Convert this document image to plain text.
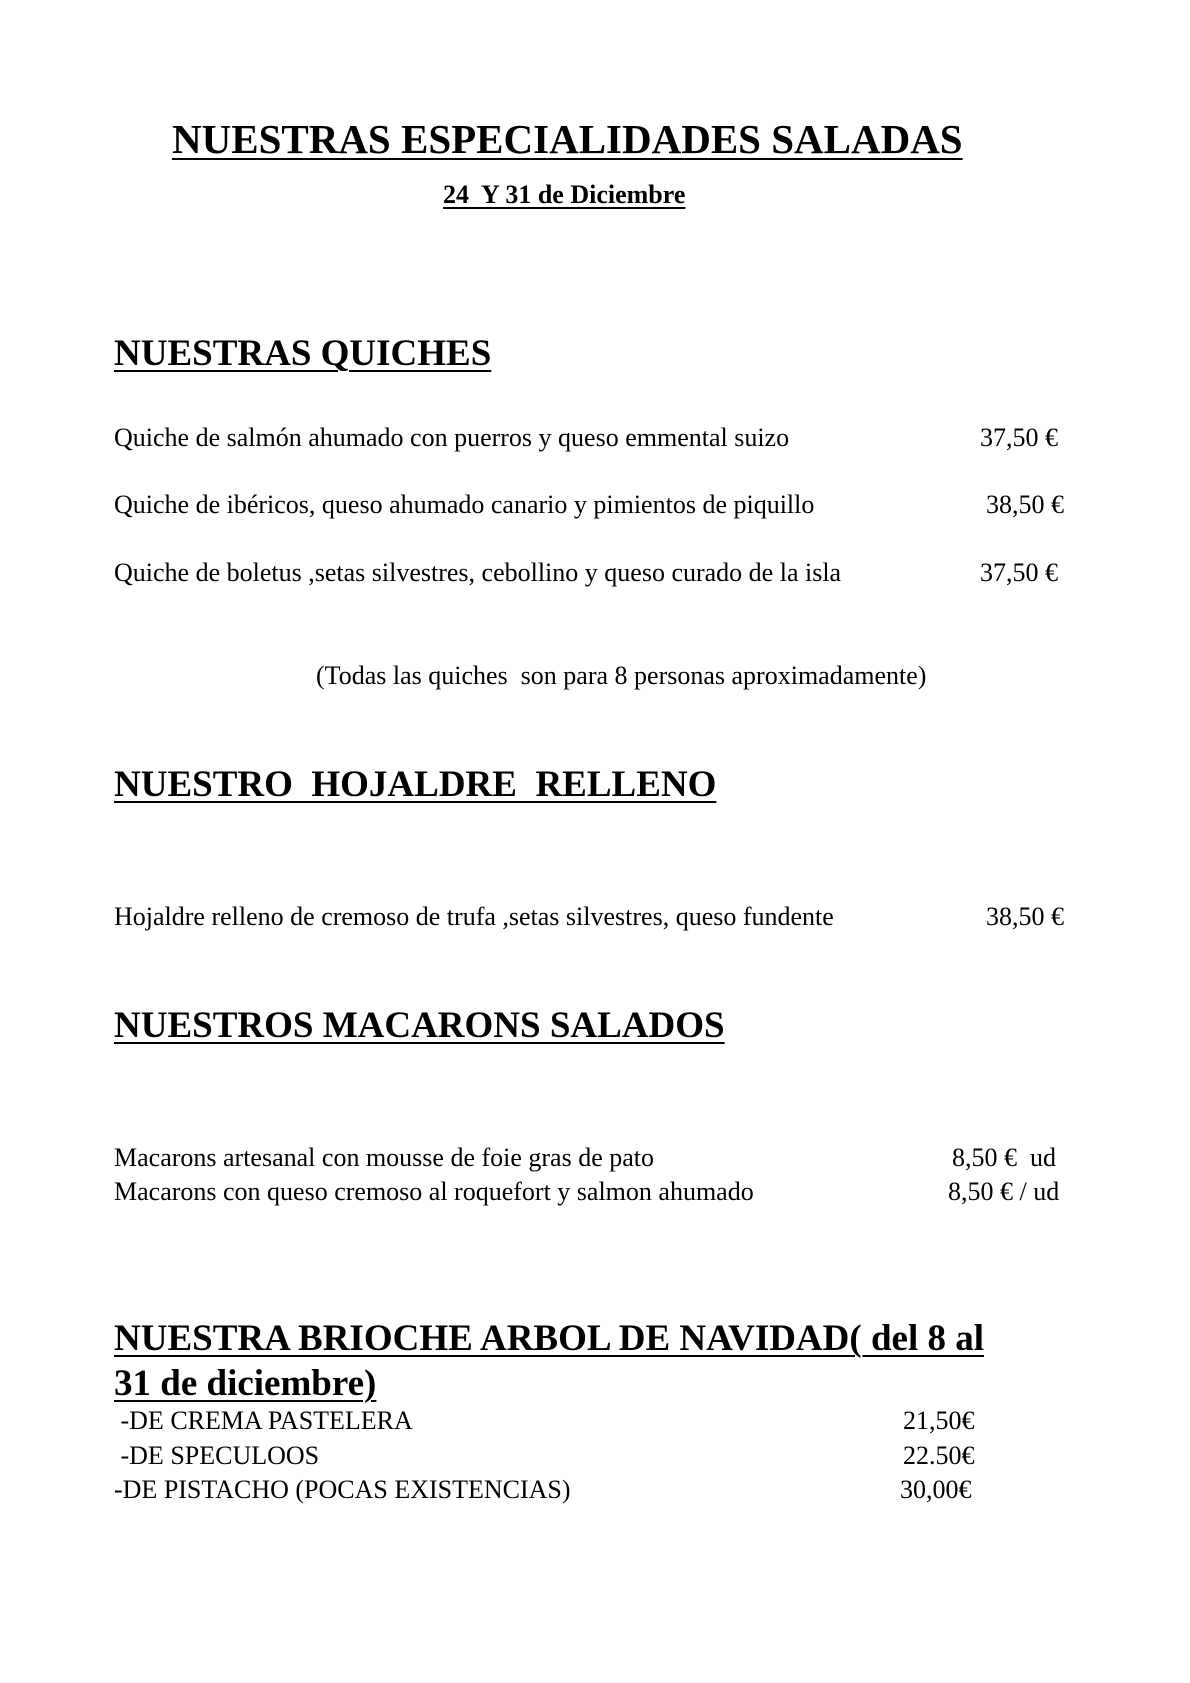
NUESTRAS ESPECIALIDADES SALADAS
24  Y 31 de Diciembre
NUESTRAS QUICHES
Quiche de salmón ahumado con puerros y queso emmental suizo	37,50 €
Quiche de ibéricos, queso ahumado canario y pimientos de piquillo	38,50 €
Quiche de boletus ,setas silvestres, cebollino y queso curado de la isla	37,50 €
(Todas las quiches  son para 8 personas aproximadamente)
NUESTRO  HOJALDRE  RELLENO
Hojaldre relleno de cremoso de trufa ,setas silvestres, queso fundente	38,50 €
NUESTROS MACARONS SALADOS
Macarons artesanal con mousse de foie gras de pato	8,50 €  ud
Macarons con queso cremoso al roquefort y salmon ahumado	8,50 € / ud
NUESTRA BRIOCHE ARBOL DE NAVIDAD( del 8 al
31 de diciembre)
-DE CREMA PASTELERA	21,50€
-DE SPECULOOS	22.50€
-DE PISTACHO (POCAS EXISTENCIAS)	30,00€
